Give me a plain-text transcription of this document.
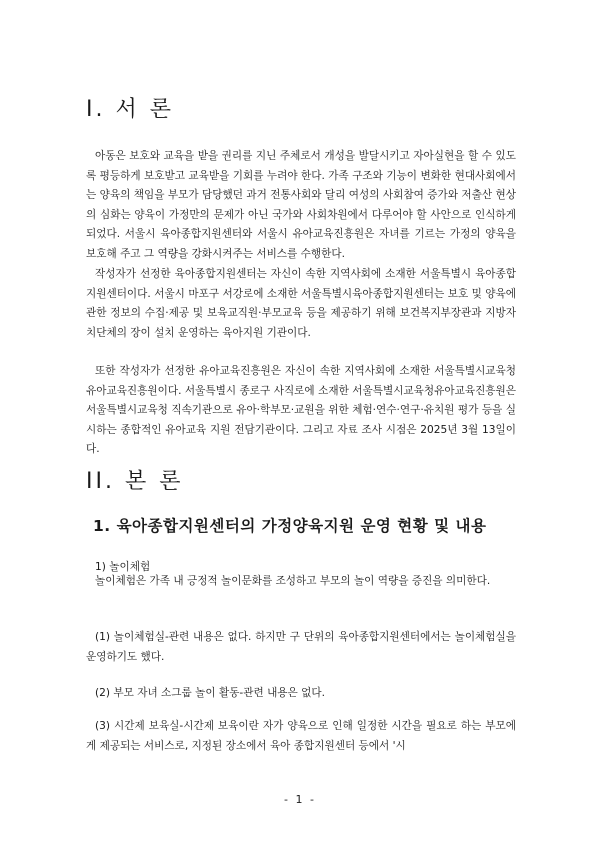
I. 서 론

아동은 보호와 교육을 받을 권리를 지닌 주체로서 개성을 발달시키고 자아실현을 할 수 있도록 평등하게 보호받고 교육받을 기회를 누려야 한다. 가족 구조와 기능이 변화한 현대사회에서는 양육의 책임을 부모가 담당했던 과거 전통사회와 달리 여성의 사회참여 증가와 저출산 현상의 심화는 양육이 가정만의 문제가 아닌 국가와 사회차원에서 다루어야 할 사안으로 인식하게 되었다. 서울시 육아종합지원센터와 서울시 유아교육진흥원은 자녀를 기르는 가정의 양육을 보호해 주고 그 역량을 강화시켜주는 서비스를 수행한다.

작성자가 선정한 육아종합지원센터는 자신이 속한 지역사회에 소재한 서울특별시 육아종합지원센터이다. 서울시 마포구 서강로에 소재한 서울특별시육아종합지원센터는 보호 및 양육에 관한 정보의 수집·제공 및 보육교직원·부모교육 등을 제공하기 위해 보건복지부장관과 지방자치단체의 장이 설치 운영하는 육아지원 기관이다.

또한 작성자가 선정한 유아교육진흥원은 자신이 속한 지역사회에 소재한 서울특별시교육청유아교육진흥원이다. 서울특별시 종로구 사직로에 소재한 서울특별시교육청유아교육진흥원은 서울특별시교육청 직속기관으로 유아·학부모·교원을 위한 체험·연수·연구·유치원 평가 등을 실시하는 종합적인 유아교육 지원 전담기관이다. 그리고 자료 조사 시점은 2025년 3월 13일이다.

II. 본 론
1. 육아종합지원센터의 가정양육지원 운영 현황 및 내용

1) 놀이체험

놀이체험은 가족 내 긍정적 놀이문화를 조성하고 부모의 놀이 역량을 증진을 의미한다.

(1) 놀이체험실-관련 내용은 없다. 하지만 구 단위의 육아종합지원센터에서는 놀이체험실을 운영하기도 했다.

(2) 부모 자녀 소그룹 놀이 활동-관련 내용은 없다.

(3) 시간제 보육실-시간제 보육이란 자가 양육으로 인해 일정한 시간을 필요로 하는 부모에게 제공되는 서비스로, 지정된 장소에서 육아 종합지원센터 등에서 '시

- 1 -
